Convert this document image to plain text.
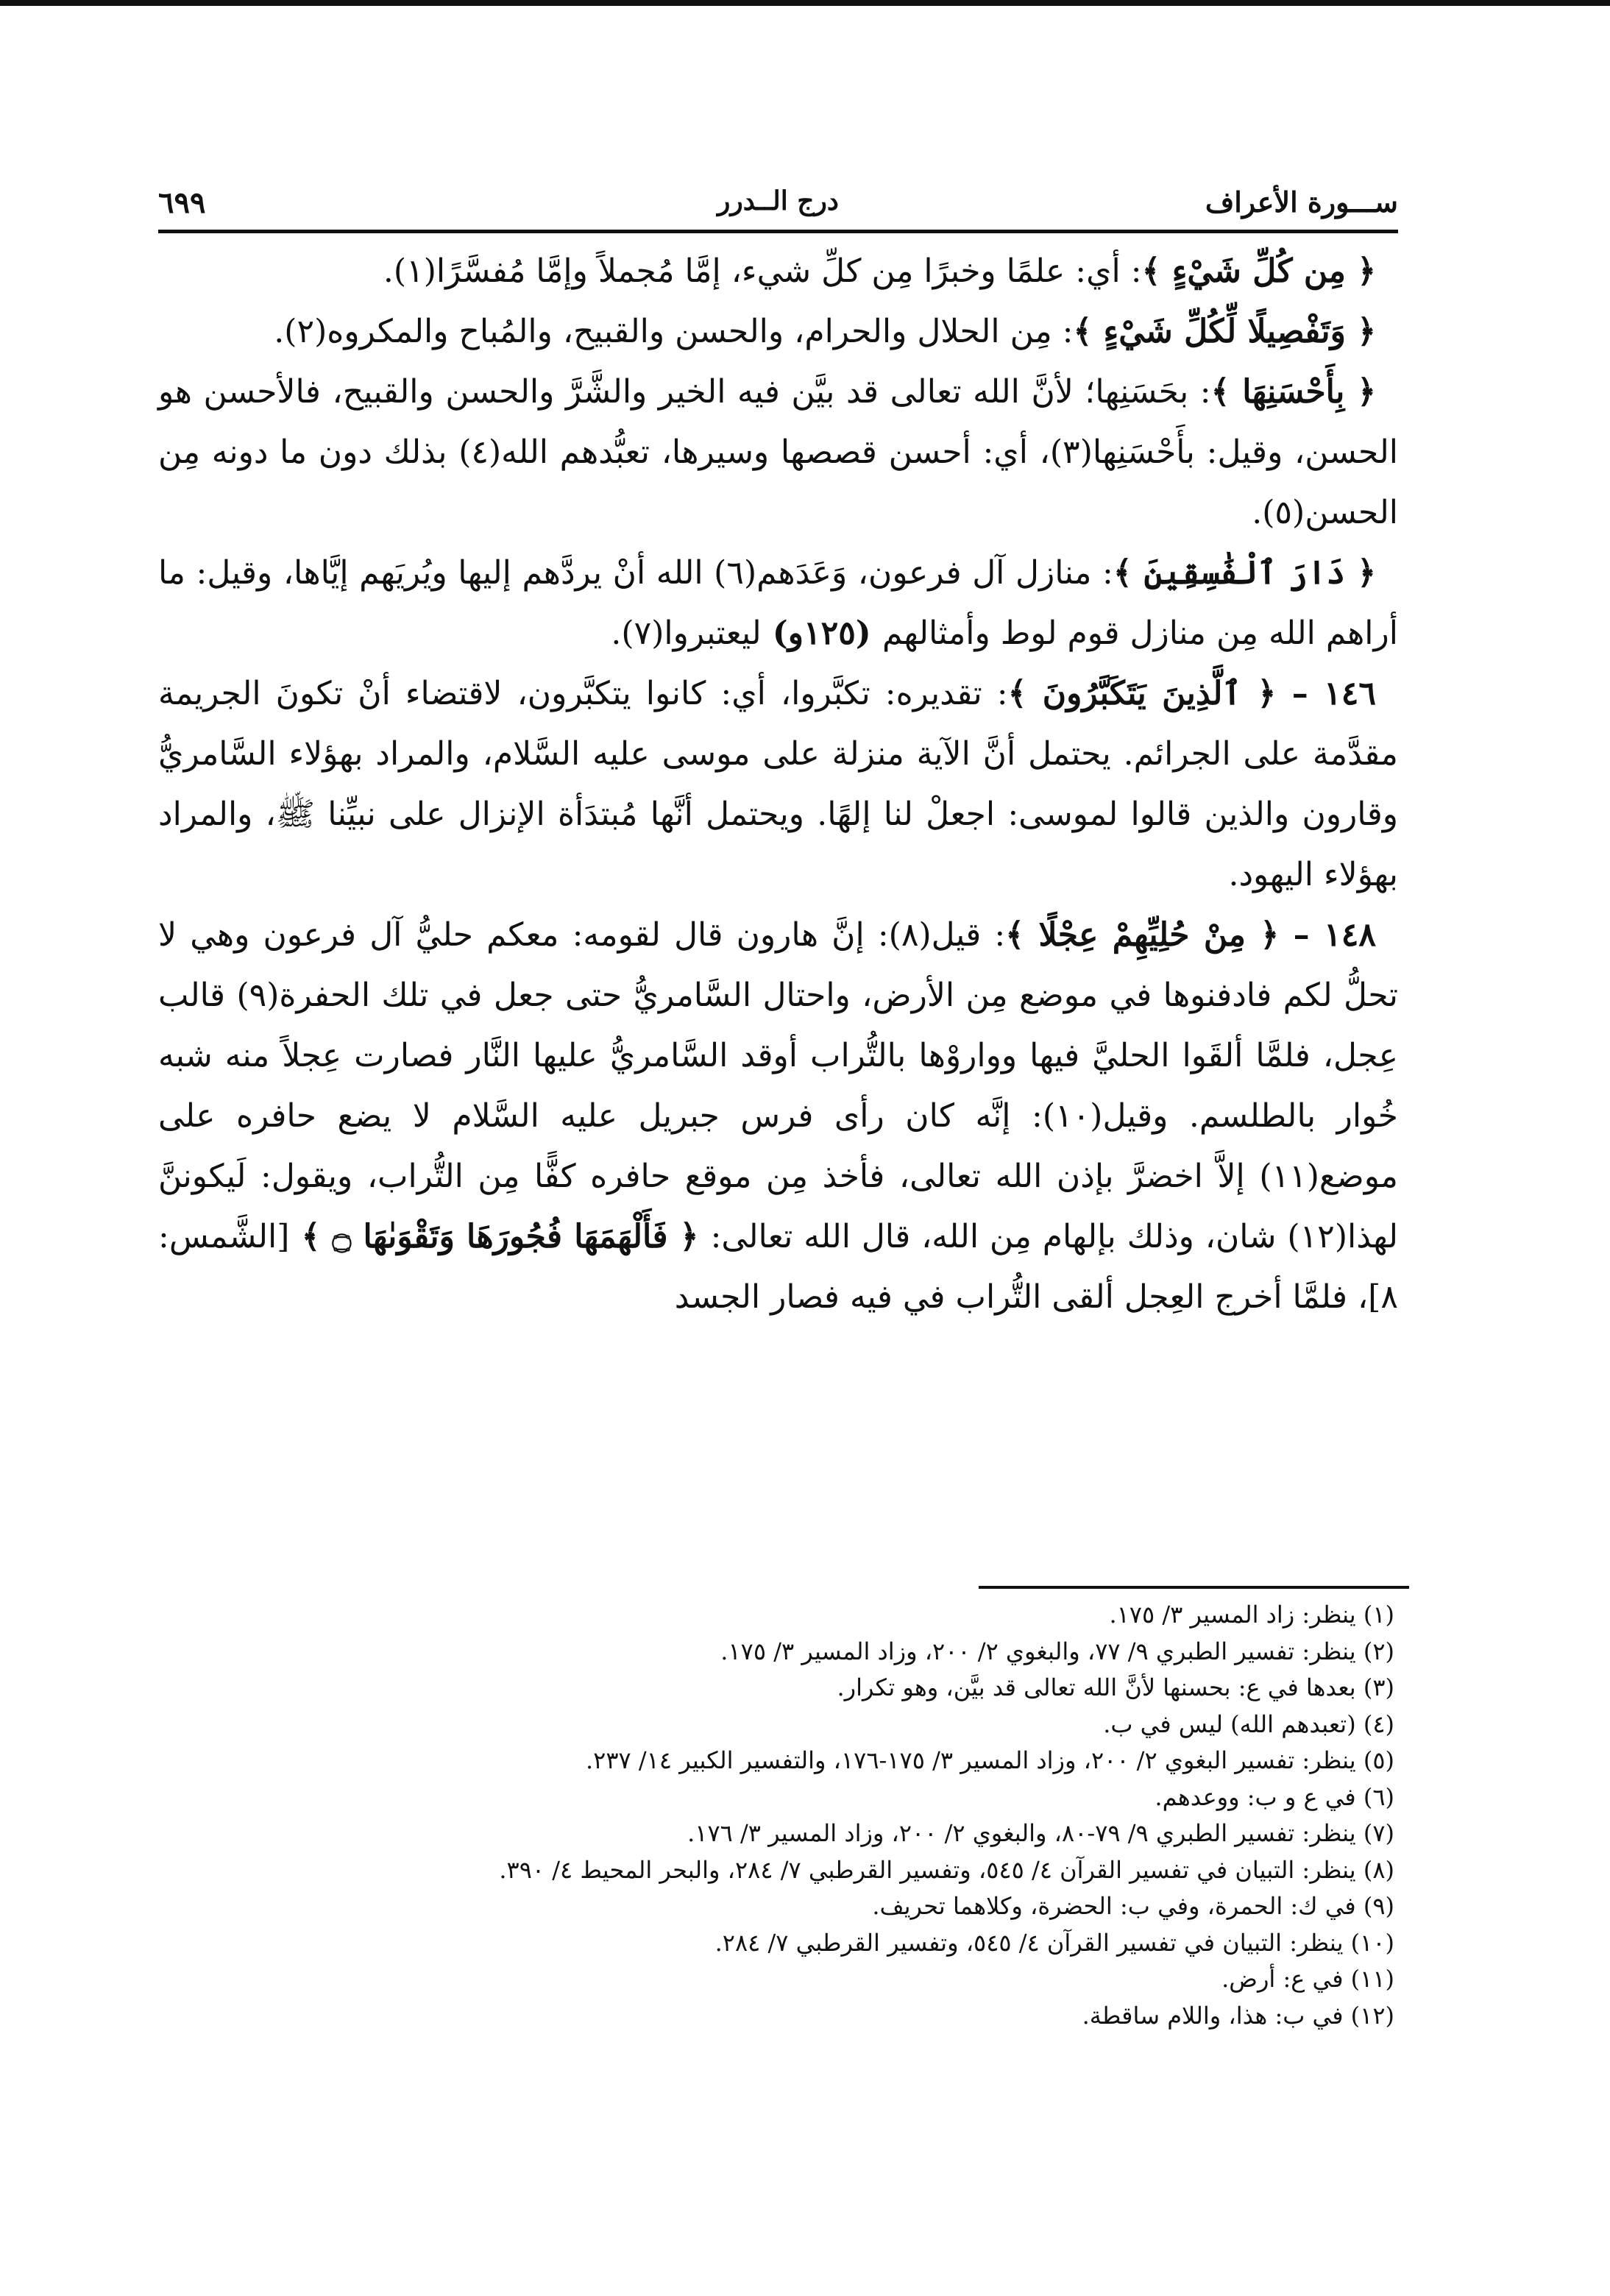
ســـورة الأعراف
درج الــدرر
٦٩٩

﴿ مِن كُلِّ شَيْءٍ ﴾: أي: علمًا وخبرًا مِن كلِّ شيء، إمَّا مُجملاً وإمَّا مُفسَّرًا(١).

﴿ وَتَفْصِيلًا لِّكُلِّ شَيْءٍ ﴾: مِن الحلال والحرام، والحسن والقبيح، والمُباح والمكروه(٢).

﴿ بِأَحْسَنِهَا ﴾: بحَسَنِها؛ لأنَّ الله تعالى قد بيَّن فيه الخير والشَّرَّ والحسن والقبيح، فالأحسن هو الحسن، وقيل: بأَحْسَنِها(٣)، أي: أحسن قصصها وسيرها، تعبُّدهم الله(٤) بذلك دون ما دونه مِن الحسن(٥).

﴿ دَارَ ٱلْفَٰسِقِينَ ﴾: منازل آل فرعون، وَعَدَهم(٦) الله أنْ يردَّهم إليها ويُريَهم إيَّاها، وقيل: ما أراهم الله مِن منازل قوم لوط وأمثالهم (١٢٥و) ليعتبروا(٧).

١٤٦ – ﴿ ٱلَّذِينَ يَتَكَبَّرُونَ ﴾: تقديره: تكبَّروا، أي: كانوا يتكبَّرون، لاقتضاء أنْ تكونَ الجريمة مقدَّمة على الجرائم. يحتمل أنَّ الآية منزلة على موسى عليه السَّلام، والمراد بهؤلاء السَّامريُّ وقارون والذين قالوا لموسى: اجعلْ لنا إلهًا. ويحتمل أنَّها مُبتدَأة الإنزال على نبيِّنا ﷺ، والمراد بهؤلاء اليهود.

١٤٨ – ﴿ مِنْ حُلِيِّهِمْ عِجْلًا ﴾: قيل(٨): إنَّ هارون قال لقومه: معكم حليُّ آل فرعون وهي لا تحلُّ لكم فادفنوها في موضع مِن الأرض، واحتال السَّامريُّ حتى جعل في تلك الحفرة(٩) قالب عِجل، فلمَّا ألقَوا الحليَّ فيها وواروْها بالتُّراب أوقد السَّامريُّ عليها النَّار فصارت عِجلاً منه شبه خُوار بالطلسم. وقيل(١٠): إنَّه كان رأى فرس جبريل عليه السَّلام لا يضع حافره على موضع(١١) إلاَّ اخضرَّ بإذن الله تعالى، فأخذ مِن موقع حافره كفًّا مِن التُّراب، ويقول: لَيكوننَّ لهذا(١٢) شان، وذلك بإلهام مِن الله، قال الله تعالى: ﴿ فَأَلْهَمَهَا فُجُورَهَا وَتَقْوَىٰهَا ۝ ﴾ [الشَّمس: ٨]، فلمَّا أخرج العِجل ألقى التُّراب في فيه فصار الجسد

(١) ينظر: زاد المسير ٣/ ١٧٥.

(٢) ينظر: تفسير الطبري ٩/ ٧٧، والبغوي ٢/ ٢٠٠، وزاد المسير ٣/ ١٧٥.

(٣) بعدها في ع: بحسنها لأنَّ الله تعالى قد بيَّن، وهو تكرار.

(٤) (تعبدهم الله) ليس في ب.

(٥) ينظر: تفسير البغوي ٢/ ٢٠٠، وزاد المسير ٣/ ١٧٥-١٧٦، والتفسير الكبير ١٤/ ٢٣٧.

(٦) في ع و ب: ووعدهم.

(٧) ينظر: تفسير الطبري ٩/ ٧٩-٨٠، والبغوي ٢/ ٢٠٠، وزاد المسير ٣/ ١٧٦.

(٨) ينظر: التبيان في تفسير القرآن ٤/ ٥٤٥، وتفسير القرطبي ٧/ ٢٨٤، والبحر المحيط ٤/ ٣٩٠.

(٩) في ك: الحمرة، وفي ب: الحضرة، وكلاهما تحريف.

(١٠) ينظر: التبيان في تفسير القرآن ٤/ ٥٤٥، وتفسير القرطبي ٧/ ٢٨٤.

(١١) في ع: أرض.

(١٢) في ب: هذا، واللام ساقطة.
